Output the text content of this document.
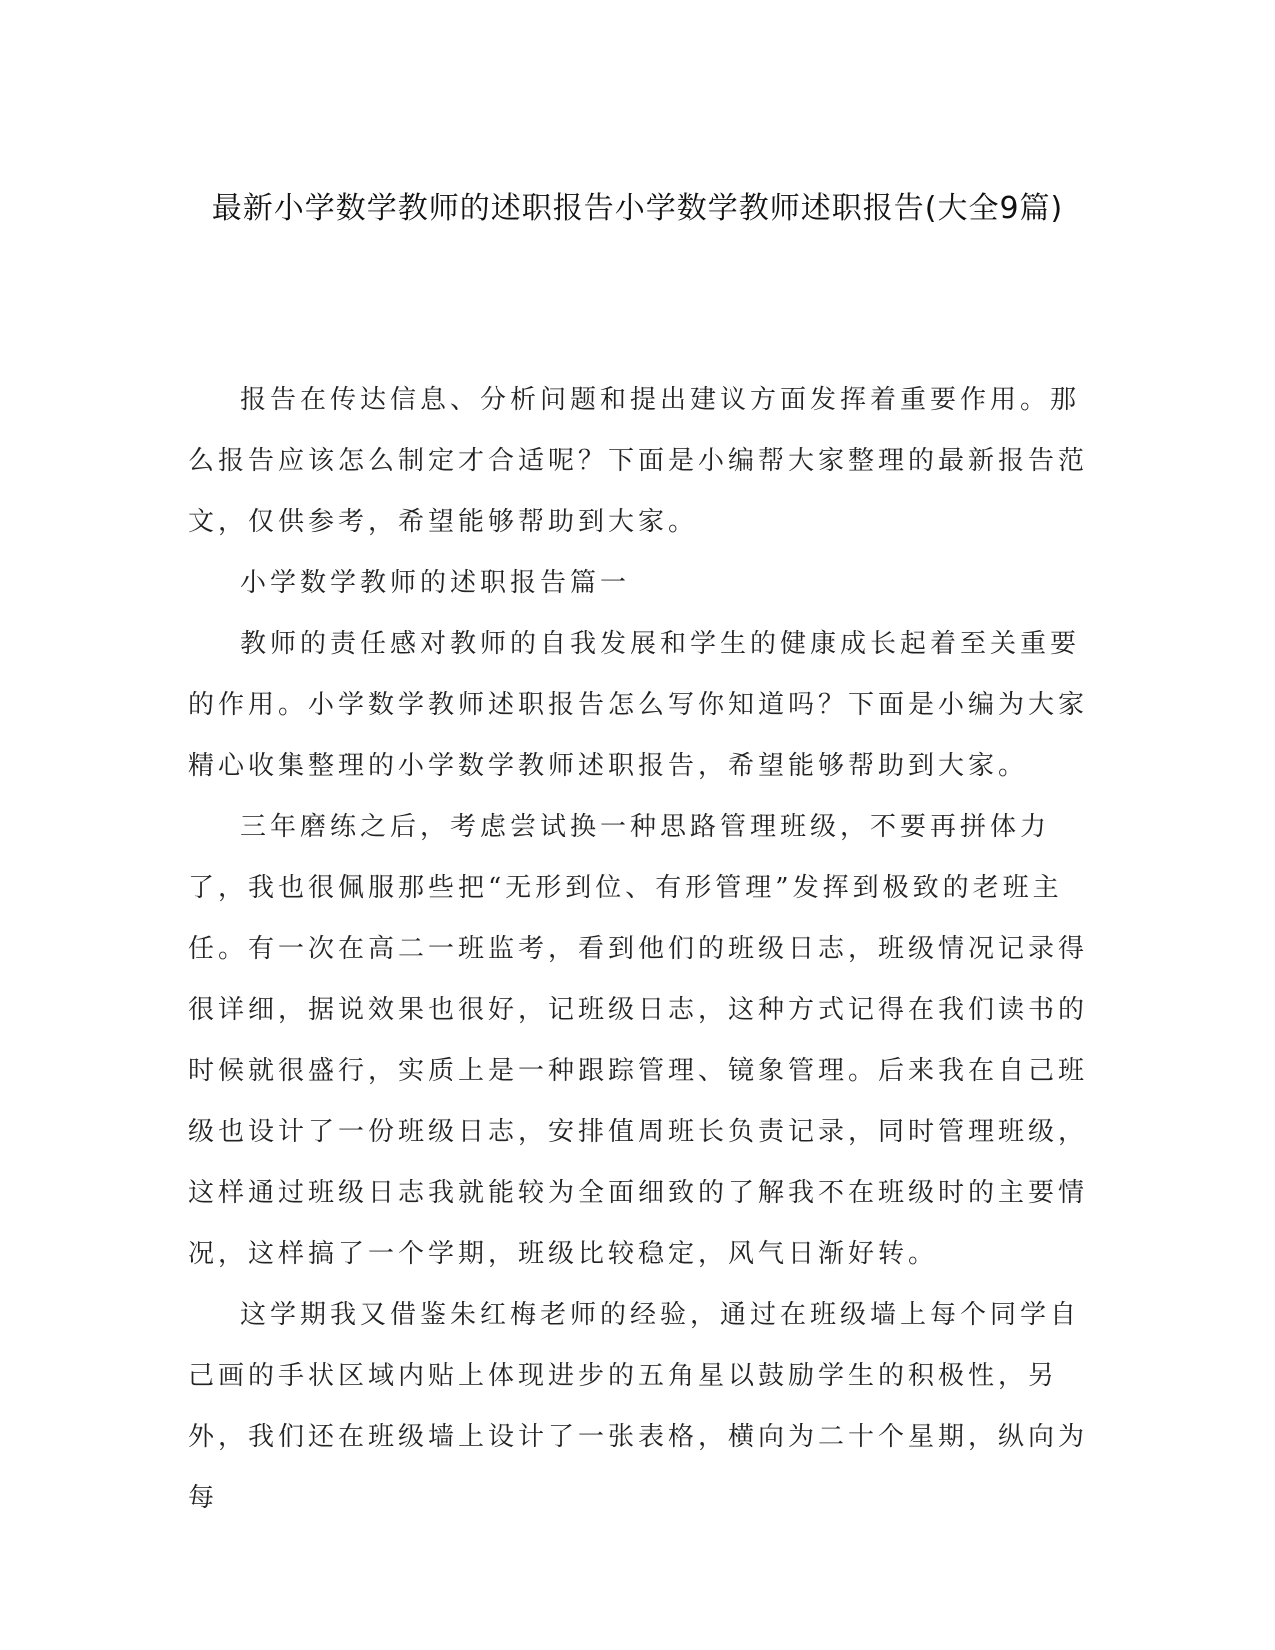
最新小学数学教师的述职报告小学数学教师述职报告(大全9篇)

报告在传达信息、分析问题和提出建议方面发挥着重要作用。那么报告应该怎么制定才合适呢？下面是小编帮大家整理的最新报告范文，仅供参考，希望能够帮助到大家。

小学数学教师的述职报告篇一

教师的责任感对教师的自我发展和学生的健康成长起着至关重要的作用。小学数学教师述职报告怎么写你知道吗？下面是小编为大家精心收集整理的小学数学教师述职报告，希望能够帮助到大家。

三年磨练之后，考虑尝试换一种思路管理班级，不要再拼体力了，我也很佩服那些把“无形到位、有形管理”发挥到极致的老班主任。有一次在高二一班监考，看到他们的班级日志，班级情况记录得很详细，据说效果也很好，记班级日志，这种方式记得在我们读书的时候就很盛行，实质上是一种跟踪管理、镜象管理。后来我在自己班级也设计了一份班级日志，安排值周班长负责记录，同时管理班级，这样通过班级日志我就能较为全面细致的了解我不在班级时的主要情况，这样搞了一个学期，班级比较稳定，风气日渐好转。

这学期我又借鉴朱红梅老师的经验，通过在班级墙上每个同学自己画的手状区域内贴上体现进步的五角星以鼓励学生的积极性，另外，我们还在班级墙上设计了一张表格，横向为二十个星期，纵向为每
